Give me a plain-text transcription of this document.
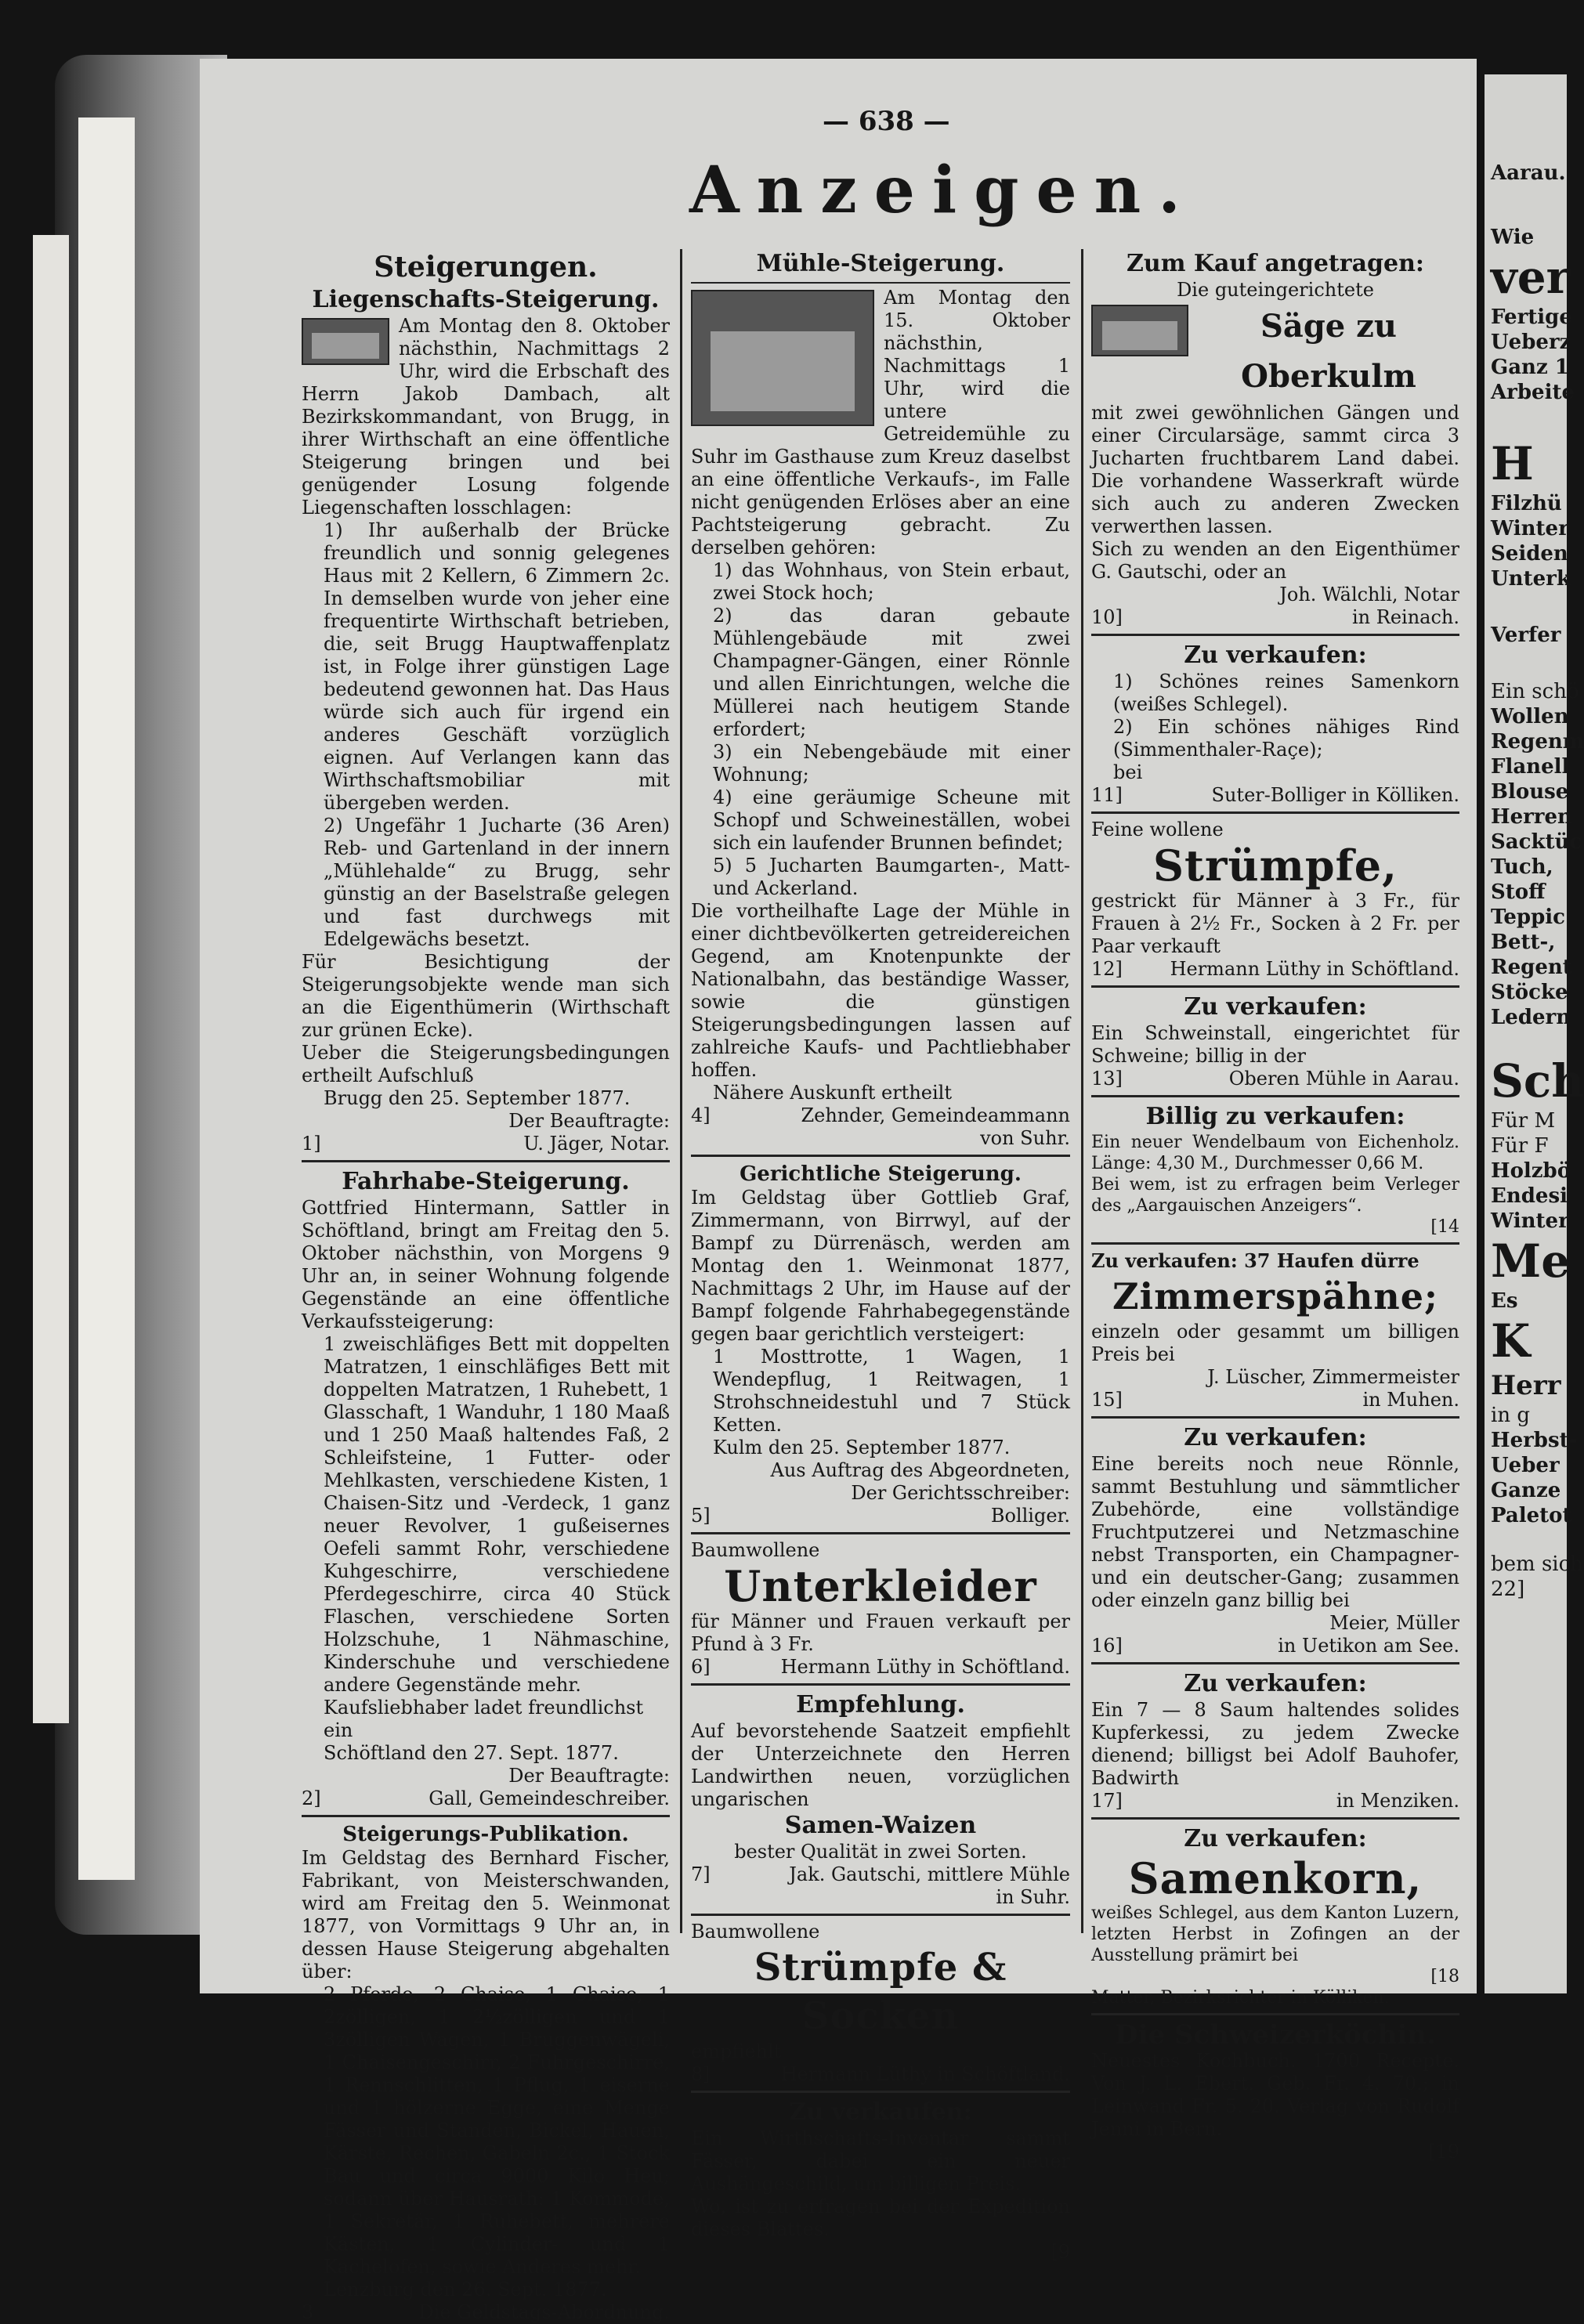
— 638 —
Anzeigen.
Steigerungen.
Liegenschafts-Steigerung.
Am Montag den 8. Oktober nächsthin, Nachmittags 2 Uhr, wird die Erbschaft des Herrn Jakob Dambach, alt Bezirkskommandant, von Brugg, in ihrer Wirthschaft an eine öffentliche Steigerung bringen und bei genügender Losung folgende Liegenschaften losschlagen:
1) Ihr außerhalb der Brücke freundlich und sonnig gelegenes Haus mit 2 Kellern, 6 Zimmern 2c. In demselben wurde von jeher eine frequentirte Wirthschaft betrieben, die, seit Brugg Hauptwaffenplatz ist, in Folge ihrer günstigen Lage bedeutend gewonnen hat. Das Haus würde sich auch für irgend ein anderes Geschäft vorzüglich eignen. Auf Verlangen kann das Wirthschaftsmobiliar mit übergeben werden.
2) Ungefähr 1 Jucharte (36 Aren) Reb- und Gartenland in der innern „Mühlehalde“ zu Brugg, sehr günstig an der Baselstraße gelegen und fast durchwegs mit Edelgewächs besetzt.
Für Besichtigung der Steigerungsobjekte wende man sich an die Eigenthümerin (Wirthschaft zur grünen Ecke).
Ueber die Steigerungsbedingungen ertheilt Aufschluß
Brugg den 25. September 1877.
Der Beauftragte:
1]	U. Jäger, Notar.
Fahrhabe-Steigerung.
Gottfried Hintermann, Sattler in Schöftland, bringt am Freitag den 5. Oktober nächsthin, von Morgens 9 Uhr an, in seiner Wohnung folgende Gegenstände an eine öffentliche Verkaufssteigerung:
1 zweischläfiges Bett mit doppelten Matratzen, 1 einschläfiges Bett mit doppelten Matratzen, 1 Ruhebett, 1 Glasschaft, 1 Wanduhr, 1 180 Maaß und 1 250 Maaß haltendes Faß, 2 Schleifsteine, 1 Futter- oder Mehlkasten, verschiedene Kisten, 1 Chaisen-Sitz und -Verdeck, 1 ganz neuer Revolver, 1 gußeisernes Oefeli sammt Rohr, verschiedene Kuhgeschirre, verschiedene Pferdegeschirre, circa 40 Stück Flaschen, verschiedene Sorten Holzschuhe, 1 Nähmaschine, Kinderschuhe und verschiedene andere Gegenstände mehr.
Kaufsliebhaber ladet freundlichst ein
Schöftland den 27. Sept. 1877.
Der Beauftragte:
2]	Gall, Gemeindeschreiber.
Steigerungs-Publikation.
Im Geldstag des Bernhard Fischer, Fabrikant, von Meisterschwanden, wird am Freitag den 5. Weinmonat 1877, von Vormittags 9 Uhr an, in dessen Hause Steigerung abgehalten über:
2 Pferde, 2 Chaise, 1 Chaise, 1 2zölligen, 1 2½zölligen und 1 3zölligen Wagen, 1 Bruggenwägeli, 1 Chaisengeschirr, 2 Fuhrgeschirre, 1 Rennschlitten, 1 Pflug, 1 eiserne und 1 hölzerne Egge, eine Menge Fässer und Standen, Bickel, Hauen, Kärste, Rechen, Gabeln 2c., 1 Stock Bau und circa 9000 Kilo Heu; sodann über Hausrath: 1 Kommode, 1 Sekretär, 1 Ruhebett, mehrere Kästen, 1 Cylinder- und 1 Kachelofen, sowie Anderes mehr.
Lenzburg den 26. Sept. 1877.
3	Die Geldstags-Abordnung.
Mühle-Steigerung.
Am Montag den 15. Oktober nächsthin, Nachmittags 1 Uhr, wird die untere Getreidemühle zu Suhr im Gasthause zum Kreuz daselbst an eine öffentliche Verkaufs-, im Falle nicht genügenden Erlöses aber an eine Pachtsteigerung gebracht. Zu derselben gehören:
1) das Wohnhaus, von Stein erbaut, zwei Stock hoch;
2) das daran gebaute Mühlengebäude mit zwei Champagner-Gängen, einer Rönnle und allen Einrichtungen, welche die Müllerei nach heutigem Stande erfordert;
3) ein Nebengebäude mit einer Wohnung;
4) eine geräumige Scheune mit Schopf und Schweineställen, wobei sich ein laufender Brunnen befindet;
5) 5 Jucharten Baumgarten-, Matt- und Ackerland.
Die vortheilhafte Lage der Mühle in einer dichtbevölkerten getreidereichen Gegend, am Knotenpunkte der Nationalbahn, das beständige Wasser, sowie die günstigen Steigerungsbedingungen lassen auf zahlreiche Kaufs- und Pachtliebhaber hoffen.
Nähere Auskunft ertheilt
4]	Zehnder, Gemeindeammann
von Suhr.
Gerichtliche Steigerung.
Im Geldstag über Gottlieb Graf, Zimmermann, von Birrwyl, auf der Bampf zu Dürrenäsch, werden am Montag den 1. Weinmonat 1877, Nachmittags 2 Uhr, im Hause auf der Bampf folgende Fahrhabegegenstände gegen baar gerichtlich versteigert:
1 Mosttrotte, 1 Wagen, 1 Wendepflug, 1 Reitwagen, 1 Strohschneidestuhl und 7 Stück Ketten.
Kulm den 25. September 1877.
Aus Auftrag des Abgeordneten,
Der Gerichtsschreiber:
5]	Bolliger.
Baumwollene
Unterkleider
für Männer und Frauen verkauft per Pfund à 3 Fr.
6]	Hermann Lüthy in Schöftland.
Empfehlung.
Auf bevorstehende Saatzeit empfiehlt der Unterzeichnete den Herren Landwirthen neuen, vorzüglichen ungarischen
Samen-Waizen
bester Qualität in zwei Sorten.
7]	Jak. Gautschi, mittlere Mühle
in Suhr.
Baumwollene
Strümpfe & Socken
empfiehlt
8]	Hermann Lüthy in Schöftland.
Zu verkaufen:
Ein Wirthschafts-Inventar sammt Fässer, dabei ein neuer Aushängeschild, um billigen Preis.
Wo, ist zu erfragen bei der Expedition dieses Blattes.
[9
Zum Kauf angetragen:
Die guteingerichtete
Säge zu Oberkulm
mit zwei gewöhnlichen Gängen und einer Circularsäge, sammt circa 3 Jucharten fruchtbarem Land dabei. Die vorhandene Wasserkraft würde sich auch zu anderen Zwecken verwerthen lassen.
Sich zu wenden an den Eigenthümer G. Gautschi, oder an
Joh. Wälchli, Notar
10]	in Reinach.
Zu verkaufen:
1) Schönes reines Samenkorn (weißes Schlegel).
2) Ein schönes nähiges Rind (Simmenthaler-Raçe);
bei
11]	Suter-Bolliger in Kölliken.
Feine wollene
Strümpfe,
gestrickt für Männer à 3 Fr., für Frauen à 2½ Fr., Socken à 2 Fr. per Paar verkauft
12]	Hermann Lüthy in Schöftland.
Zu verkaufen:
Ein Schweinstall, eingerichtet für Schweine; billig in der
13]	Oberen Mühle in Aarau.
Billig zu verkaufen:
Ein neuer Wendelbaum von Eichenholz. Länge: 4,30 M., Durchmesser 0,66 M.
Bei wem, ist zu erfragen beim Verleger des „Aargauischen Anzeigers“.
[14
Zu verkaufen: 37 Haufen dürre
Zimmerspähne;
einzeln oder gesammt um billigen Preis bei
J. Lüscher, Zimmermeister
15]	in Muhen.
Zu verkaufen:
Eine bereits noch neue Rönnle, sammt Bestuhlung und sämmtlicher Zubehörde, eine vollständige Fruchtputzerei und Netzmaschine nebst Transporten, ein Champagner- und ein deutscher-Gang; zusammen oder einzeln ganz billig bei
Meier, Müller
16]	in Uetikon am See.
Zu verkaufen:
Ein 7 — 8 Saum haltendes solides Kupferkessi, zu jedem Zwecke dienend; billigst bei Adolf Bauhofer, Badwirth
17]	in Menziken.
Zu verkaufen:
Samenkorn,
weißes Schlegel, aus dem Kanton Luzern, letzten Herbst in Zofingen an der Ausstellung prämirt bei
[18
Matter, Bezirksrichter in Kölliken.
Die Schweizerköchin.
Neuestes Kochbuch. 1700 Recepte. Von J. L. Ebert. Geb. Fr. 4. 70.; in Leinwand Fr. 5. 20. Verlag von Rudolf Jenni in Bern.
[19
Aarau.
Wie
ver
Fertige
Ueberz
Ganz 1
Arbeite
H
Filzhü
Winter
Seiden
Unterk
Verfer
Ein schö
Wollen
Regenm
Flanell
Blouse
Herren
Sacktüc
Tuch,
Stoff
Teppic
Bett-,
Regent
Stöcke
Ledern
Sch
Für M
Für F
Holzbö
Endesi
Winter
Me
Es
K
Herr
in g
Herbst-
Ueber
Ganze
Paletot
bem sich
22]
